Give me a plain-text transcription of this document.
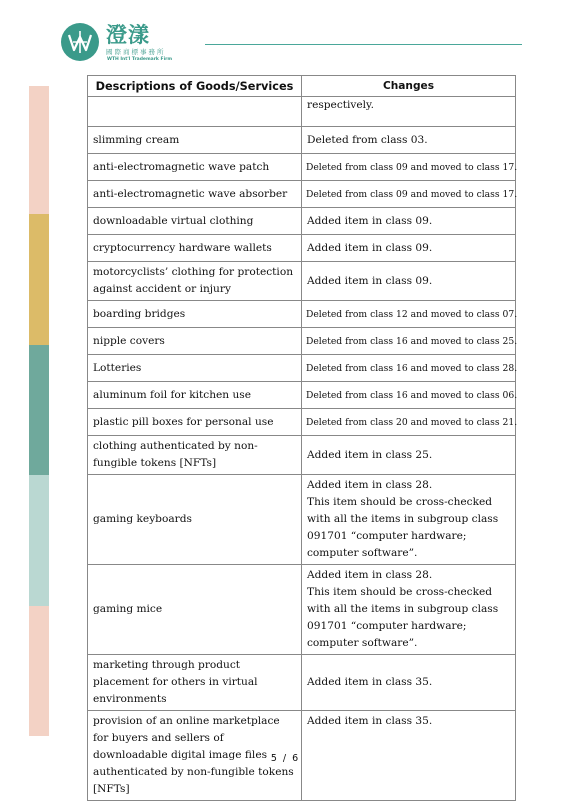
澄漾
國際商標事務所
WTH Int'l Trademark Firm
Descriptions of Goods/Services	Changes
	respectively.
slimming cream	Deleted from class 03.
anti-electromagnetic wave patch	Deleted from class 09 and moved to class 17.
anti-electromagnetic wave absorber	Deleted from class 09 and moved to class 17.
downloadable virtual clothing	Added item in class 09.
cryptocurrency hardware wallets	Added item in class 09.
motorcyclists’ clothing for protection against accident or injury	Added item in class 09.
boarding bridges	Deleted from class 12 and moved to class 07.
nipple covers	Deleted from class 16 and moved to class 25.
Lotteries	Deleted from class 16 and moved to class 28.
aluminum foil for kitchen use	Deleted from class 16 and moved to class 06.
plastic pill boxes for personal use	Deleted from class 20 and moved to class 21.
clothing authenticated by non-fungible tokens [NFTs]	Added item in class 25.
gaming keyboards	Added item in class 28.
This item should be cross-checked with all the items in subgroup class 091701 “computer hardware; computer software”.
gaming mice	Added item in class 28.
This item should be cross-checked with all the items in subgroup class 091701 “computer hardware; computer software”.
marketing through product placement for others in virtual environments	Added item in class 35.
provision of an online marketplace for buyers and sellers of downloadable digital image files authenticated by non-fungible tokens [NFTs]	Added item in class 35.
5 / 6
